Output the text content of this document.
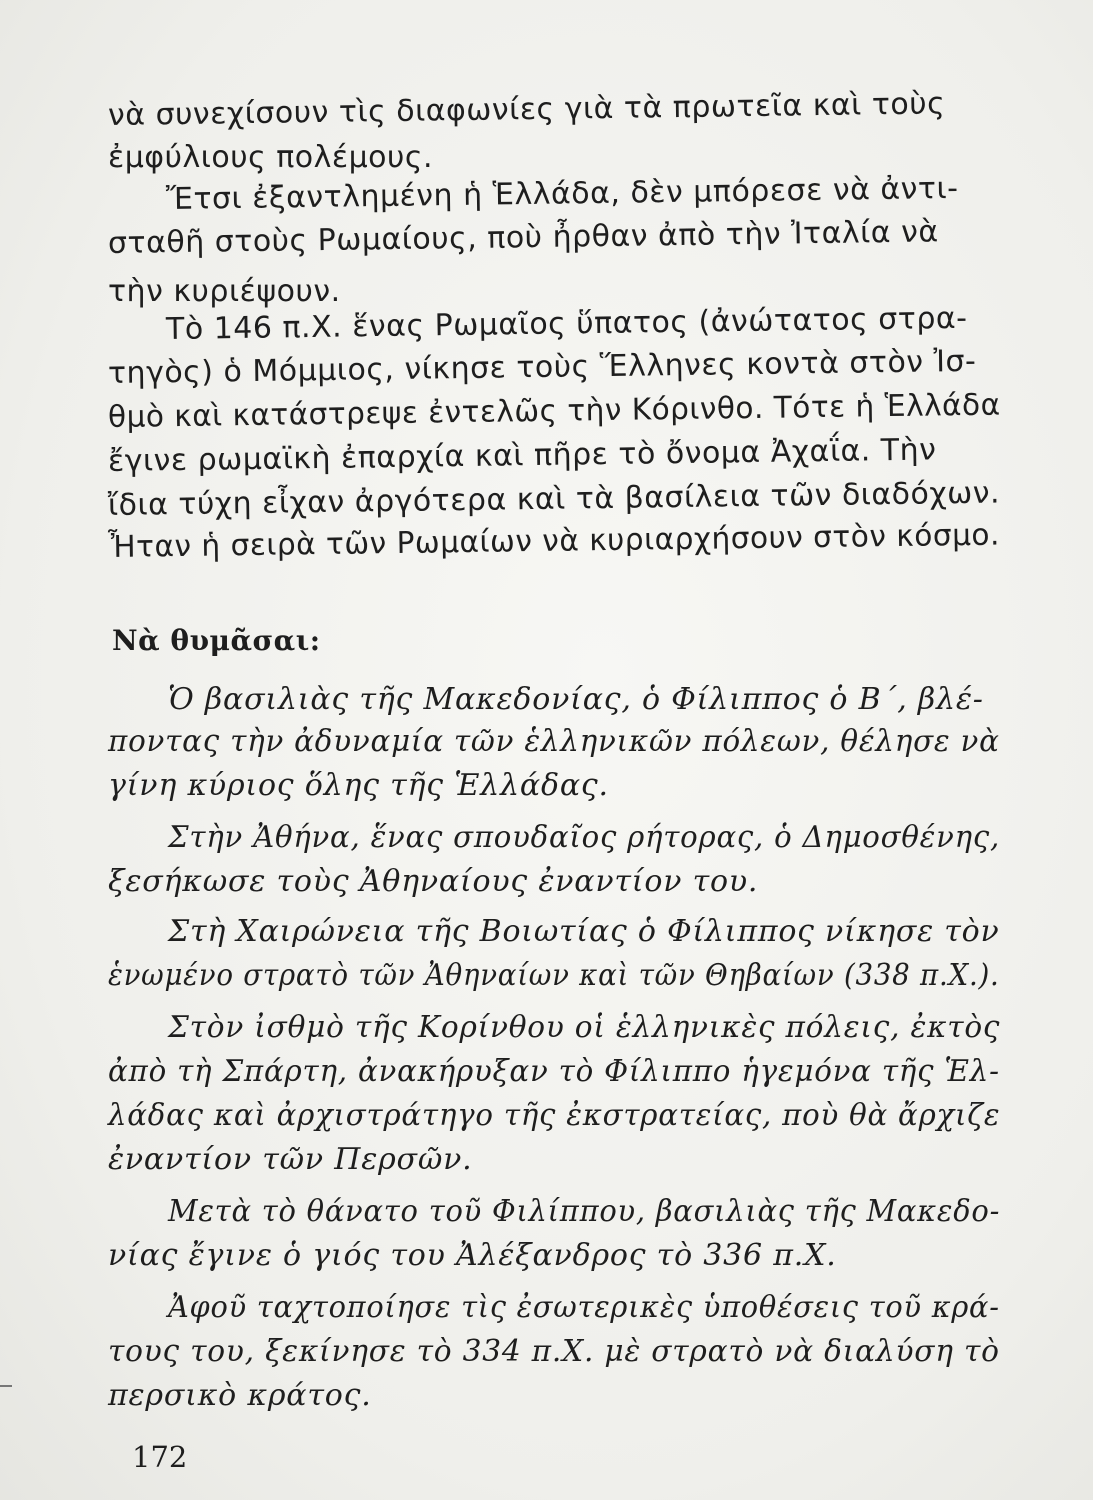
νὰ συνεχίσουν τὶς διαφωνίες γιὰ τὰ πρωτεῖα καὶ τοὺς
ἐμφύλιους πολέμους.
Ἔτσι ἐξαντλημένη ἡ Ἑλλάδα, δὲν μπόρεσε νὰ ἀντι-
σταθῆ στοὺς Ρωμαίους, ποὺ ἦρθαν ἀπὸ τὴν Ἰταλία νὰ
τὴν κυριέψουν.
Τὸ 146 π.Χ. ἕνας Ρωμαῖος ὕπατος (ἀνώτατος στρα-
τηγὸς) ὁ Μόμμιος, νίκησε τοὺς Ἕλληνες κοντὰ στὸν Ἰσ-
θμὸ καὶ κατάστρεψε ἐντελῶς τὴν Κόρινθο. Τότε ἡ Ἑλλάδα
ἔγινε ρωμαϊκὴ ἐπαρχία καὶ πῆρε τὸ ὄνομα Ἀχαΐα. Τὴν
ἴδια τύχη εἶχαν ἀργότερα καὶ τὰ βασίλεια τῶν διαδόχων.
Ἦταν ἡ σειρὰ τῶν Ρωμαίων νὰ κυριαρχήσουν στὸν κόσμο.
Νὰ θυμᾶσαι:
Ὁ βασιλιὰς τῆς Μακεδονίας, ὁ Φίλιππος ὁ Β΄, βλέ-
ποντας τὴν ἀδυναμία τῶν ἑλληνικῶν πόλεων, θέλησε νὰ
γίνη κύριος ὅλης τῆς Ἑλλάδας.
Στὴν Ἀθήνα, ἕνας σπουδαῖος ρήτορας, ὁ Δημοσθένης,
ξεσήκωσε τοὺς Ἀθηναίους ἐναντίον του.
Στὴ Χαιρώνεια τῆς Βοιωτίας ὁ Φίλιππος νίκησε τὸν
ἑνωμένο στρατὸ τῶν Ἀθηναίων καὶ τῶν Θηβαίων (338 π.Χ.).
Στὸν ἰσθμὸ τῆς Κορίνθου οἱ ἑλληνικὲς πόλεις, ἐκτὸς
ἀπὸ τὴ Σπάρτη, ἀνακήρυξαν τὸ Φίλιππο ἡγεμόνα τῆς Ἑλ-
λάδας καὶ ἀρχιστράτηγο τῆς ἐκστρατείας, ποὺ θὰ ἄρχιζε
ἐναντίον τῶν Περσῶν.
Μετὰ τὸ θάνατο τοῦ Φιλίππου, βασιλιὰς τῆς Μακεδο-
νίας ἔγινε ὁ γιός του Ἀλέξανδρος τὸ 336 π.Χ.
Ἀφοῦ ταχτοποίησε τὶς ἐσωτερικὲς ὑποθέσεις τοῦ κρά-
τους του, ξεκίνησε τὸ 334 π.Χ. μὲ στρατὸ νὰ διαλύση τὸ
περσικὸ κράτος.
172
